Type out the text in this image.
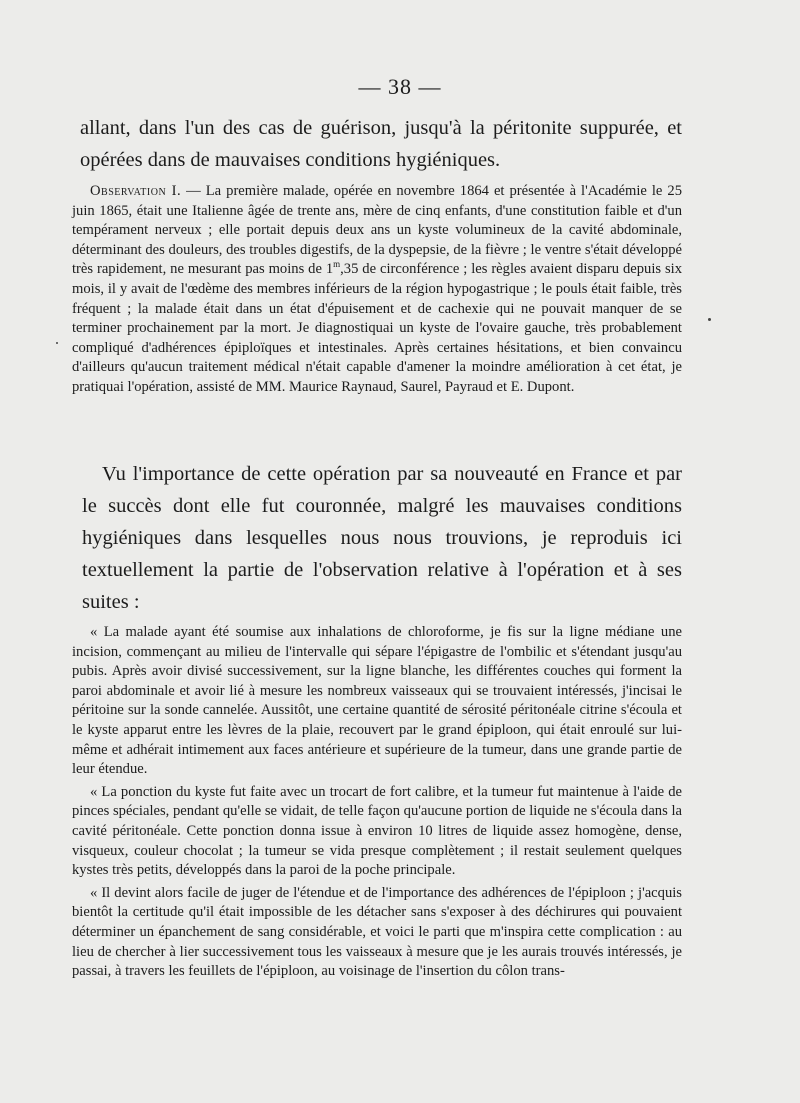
— 38 —
allant, dans l'un des cas de guérison, jusqu'à la péritonite suppurée, et opérées dans de mauvaises conditions hygiéniques.

Observation I. — La première malade, opérée en novembre 1864 et présentée à l'Académie le 25 juin 1865, était une Italienne âgée de trente ans, mère de cinq enfants, d'une constitution faible et d'un tempérament nerveux ; elle portait depuis deux ans un kyste volumineux de la cavité abdominale, déterminant des douleurs, des troubles digestifs, de la dyspepsie, de la fièvre ; le ventre s'était développé très rapidement, ne mesurant pas moins de 1$^m$,35 de circonférence ; les règles avaient disparu depuis six mois, il y avait de l'œdème des membres inférieurs de la région hypogastrique ; le pouls était faible, très fréquent ; la malade était dans un état d'épuisement et de cachexie qui ne pouvait manquer de se terminer prochainement par la mort. Je diagnostiquai un kyste de l'ovaire gauche, très probablement compliqué d'adhérences épiploïques et intestinales. Après certaines hésitations, et bien convaincu d'ailleurs qu'aucun traitement médical n'était capable d'amener la moindre amélioration à cet état, je pratiquai l'opération, assisté de MM. Maurice Raynaud, Saurel, Payraud et E. Dupont.

Vu l'importance de cette opération par sa nouveauté en France et par le succès dont elle fut couronnée, malgré les mauvaises conditions hygiéniques dans lesquelles nous nous trouvions, je reproduis ici textuellement la partie de l'observation relative à l'opération et à ses suites :

« La malade ayant été soumise aux inhalations de chloroforme, je fis sur la ligne médiane une incision, commençant au milieu de l'intervalle qui sépare l'épigastre de l'ombilic et s'étendant jusqu'au pubis. Après avoir divisé successivement, sur la ligne blanche, les différentes couches qui forment la paroi abdominale et avoir lié à mesure les nombreux vaisseaux qui se trouvaient intéressés, j'incisai le péritoine sur la sonde cannelée. Aussitôt, une certaine quantité de sérosité péritonéale citrine s'écoula et le kyste apparut entre les lèvres de la plaie, recouvert par le grand épiploon, qui était enroulé sur lui-même et adhérait intimement aux faces antérieure et supérieure de la tumeur, dans une grande partie de leur étendue.

« La ponction du kyste fut faite avec un trocart de fort calibre, et la tumeur fut maintenue à l'aide de pinces spéciales, pendant qu'elle se vidait, de telle façon qu'aucune portion de liquide ne s'écoula dans la cavité péritonéale. Cette ponction donna issue à environ 10 litres de liquide assez homogène, dense, visqueux, couleur chocolat ; la tumeur se vida presque complètement ; il restait seulement quelques kystes très petits, développés dans la paroi de la poche principale.

« Il devint alors facile de juger de l'étendue et de l'importance des adhérences de l'épiploon ; j'acquis bientôt la certitude qu'il était impossible de les détacher sans s'exposer à des déchirures qui pouvaient déterminer un épanchement de sang considérable, et voici le parti que m'inspira cette complication : au lieu de chercher à lier successivement tous les vaisseaux à mesure que je les aurais trouvés intéressés, je passai, à travers les feuillets de l'épiploon, au voisinage de l'insertion du côlon trans-
